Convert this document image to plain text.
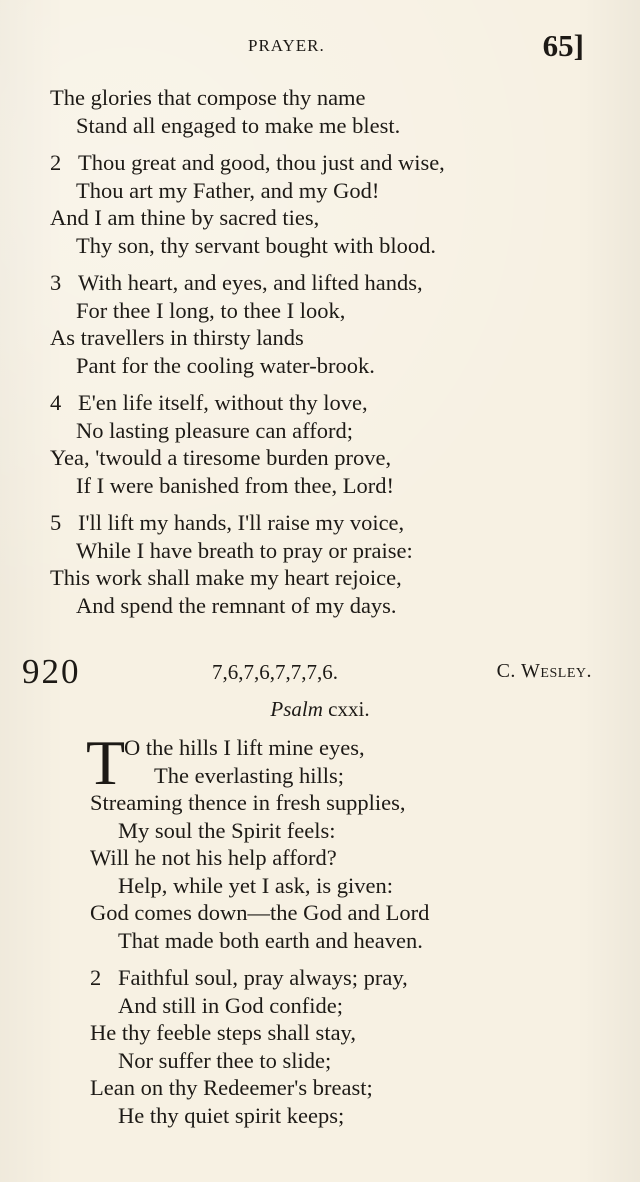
PRAYER.	65]
The glories that compose thy name
Stand all engaged to make me blest.
2 Thou great and good, thou just and wise,
Thou art my Father, and my God!
And I am thine by sacred ties,
Thy son, thy servant bought with blood.
3 With heart, and eyes, and lifted hands,
For thee I long, to thee I look,
As travellers in thirsty lands
Pant for the cooling water-brook.
4 E'en life itself, without thy love,
No lasting pleasure can afford;
Yea, 'twould a tiresome burden prove,
If I were banished from thee, Lord!
5 I'll lift my hands, I'll raise my voice,
While I have breath to pray or praise:
This work shall make my heart rejoice,
And spend the remnant of my days.
920	7,6,7,6,7,7,7,6.	C. Wesley.
Psalm cxxi.
T
O the hills I lift mine eyes,
The everlasting hills;
Streaming thence in fresh supplies,
My soul the Spirit feels:
Will he not his help afford?
Help, while yet I ask, is given:
God comes down—the God and Lord
That made both earth and heaven.
2 Faithful soul, pray always; pray,
And still in God confide;
He thy feeble steps shall stay,
Nor suffer thee to slide;
Lean on thy Redeemer's breast;
He thy quiet spirit keeps;
